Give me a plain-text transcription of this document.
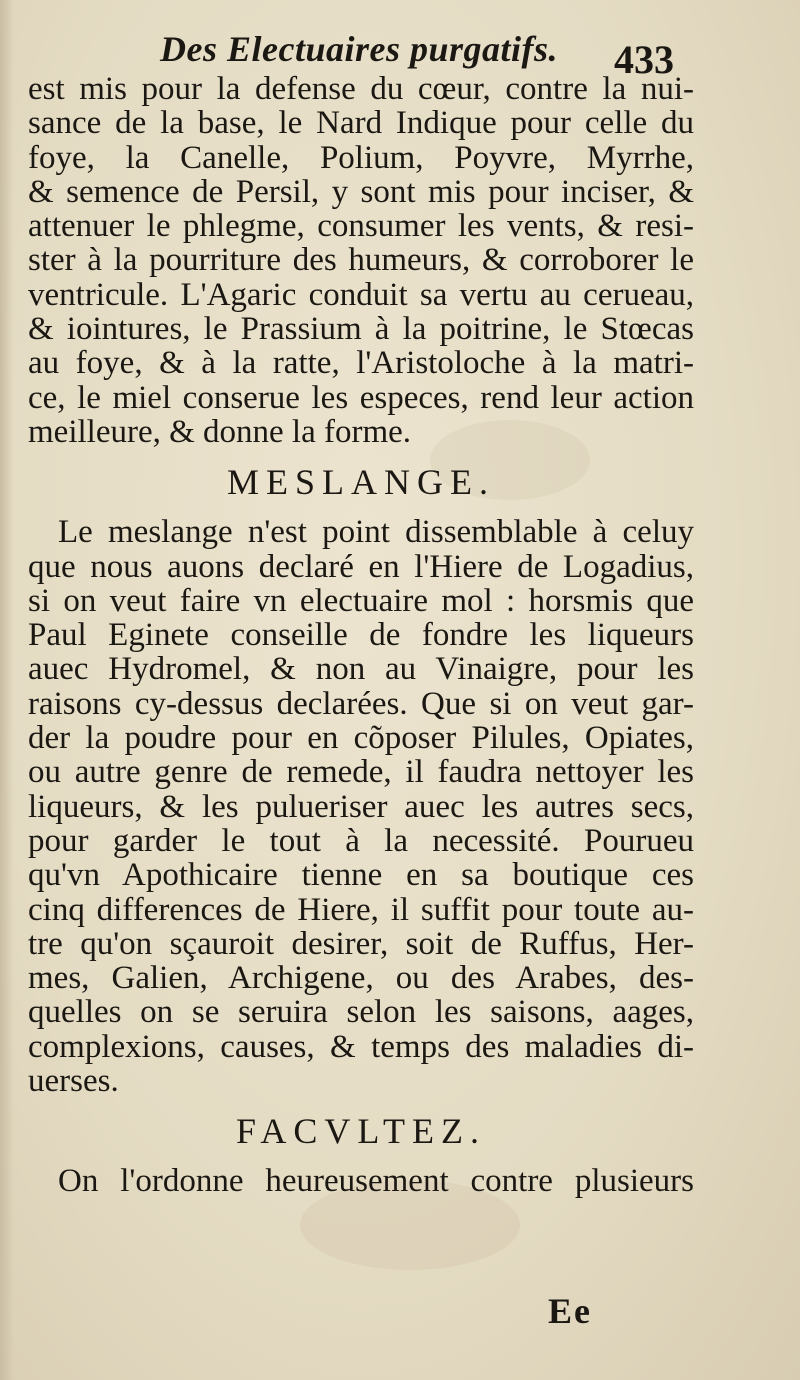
Des Electuaires purgatifs.	433
est mis pour la defense du cœur, contre la nui-
sance de la base, le Nard Indique pour celle du
foye, la Canelle, Polium, Poyvre, Myrrhe,
& semence de Persil, y sont mis pour inciser, &
attenuer le phlegme, consumer les vents, & resi-
ster à la pourriture des humeurs, & corroborer le
ventricule. L'Agaric conduit sa vertu au cerueau,
& iointures, le Prassium à la poitrine, le Stœcas
au foye, & à la ratte, l'Aristoloche à la matri-
ce, le miel conserue les especes, rend leur action
meilleure, & donne la forme.
MESLANGE.
Le meslange n'est point dissemblable à celuy
que nous auons declaré en l'Hiere de Logadius,
si on veut faire vn electuaire mol : horsmis que
Paul Eginete conseille de fondre les liqueurs
auec Hydromel, & non au Vinaigre, pour les
raisons cy-dessus declarées. Que si on veut gar-
der la poudre pour en cõposer Pilules, Opiates,
ou autre genre de remede, il faudra nettoyer les
liqueurs, & les pulueriser auec les autres secs,
pour garder le tout à la necessité. Pourueu
qu'vn Apothicaire tienne en sa boutique ces
cinq differences de Hiere, il suffit pour toute au-
tre qu'on sçauroit desirer, soit de Ruffus, Her-
mes, Galien, Archigene, ou des Arabes, des-
quelles on se seruira selon les saisons, aages,
complexions, causes, & temps des maladies di-
uerses.
FACVLTEZ.
On l'ordonne heureusement contre plusieurs
Ee
